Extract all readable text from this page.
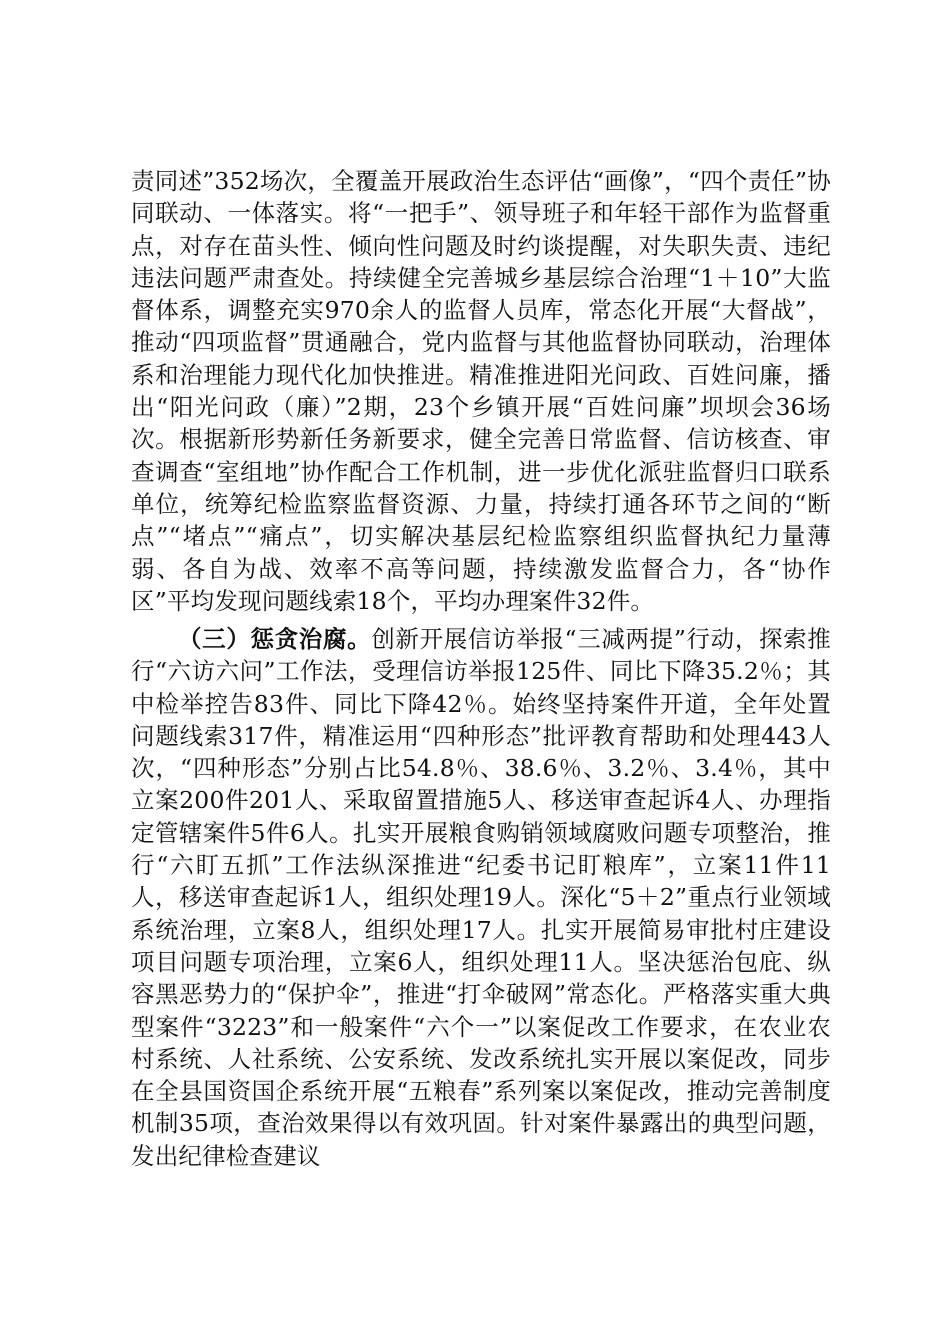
责同述”352场次，全覆盖开展政治生态评估“画像”，“四个责任”协同联动、一体落实。将“一把手”、领导班子和年轻干部作为监督重点，对存在苗头性、倾向性问题及时约谈提醒，对失职失责、违纪违法问题严肃查处。持续健全完善城乡基层综合治理“1＋10”大监督体系，调整充实970余人的监督人员库，常态化开展“大督战”，推动“四项监督”贯通融合，党内监督与其他监督协同联动，治理体系和治理能力现代化加快推进。精准推进阳光问政、百姓问廉，播出“阳光问政（廉）”2期，23个乡镇开展“百姓问廉”坝坝会36场次。根据新形势新任务新要求，健全完善日常监督、信访核查、审查调查“室组地”协作配合工作机制，进一步优化派驻监督归口联系单位，统筹纪检监察监督资源、力量，持续打通各环节之间的“断点”“堵点”“痛点”，切实解决基层纪检监察组织监督执纪力量薄弱、各自为战、效率不高等问题，持续激发监督合力，各“协作区”平均发现问题线索18个，平均办理案件32件。

（三）惩贪治腐。创新开展信访举报“三减两提”行动，探索推行“六访六问”工作法，受理信访举报125件、同比下降35.2％；其中检举控告83件、同比下降42％。始终坚持案件开道，全年处置问题线索317件，精准运用“四种形态”批评教育帮助和处理443人次，“四种形态”分别占比54.8％、38.6％、3.2％、3.4％，其中立案200件201人、采取留置措施5人、移送审查起诉4人、办理指定管辖案件5件6人。扎实开展粮食购销领域腐败问题专项整治，推行“六盯五抓”工作法纵深推进“纪委书记盯粮库”，立案11件11人，移送审查起诉1人，组织处理19人。深化“5＋2”重点行业领域系统治理，立案8人，组织处理17人。扎实开展简易审批村庄建设项目问题专项治理，立案6人，组织处理11人。坚决惩治包庇、纵容黑恶势力的“保护伞”，推进“打伞破网”常态化。严格落实重大典型案件“3223”和一般案件“六个一”以案促改工作要求，在农业农村系统、人社系统、公安系统、发改系统扎实开展以案促改，同步在全县国资国企系统开展“五粮春”系列案以案促改，推动完善制度机制35项，查治效果得以有效巩固。针对案件暴露出的典型问题，发出纪律检查建议
